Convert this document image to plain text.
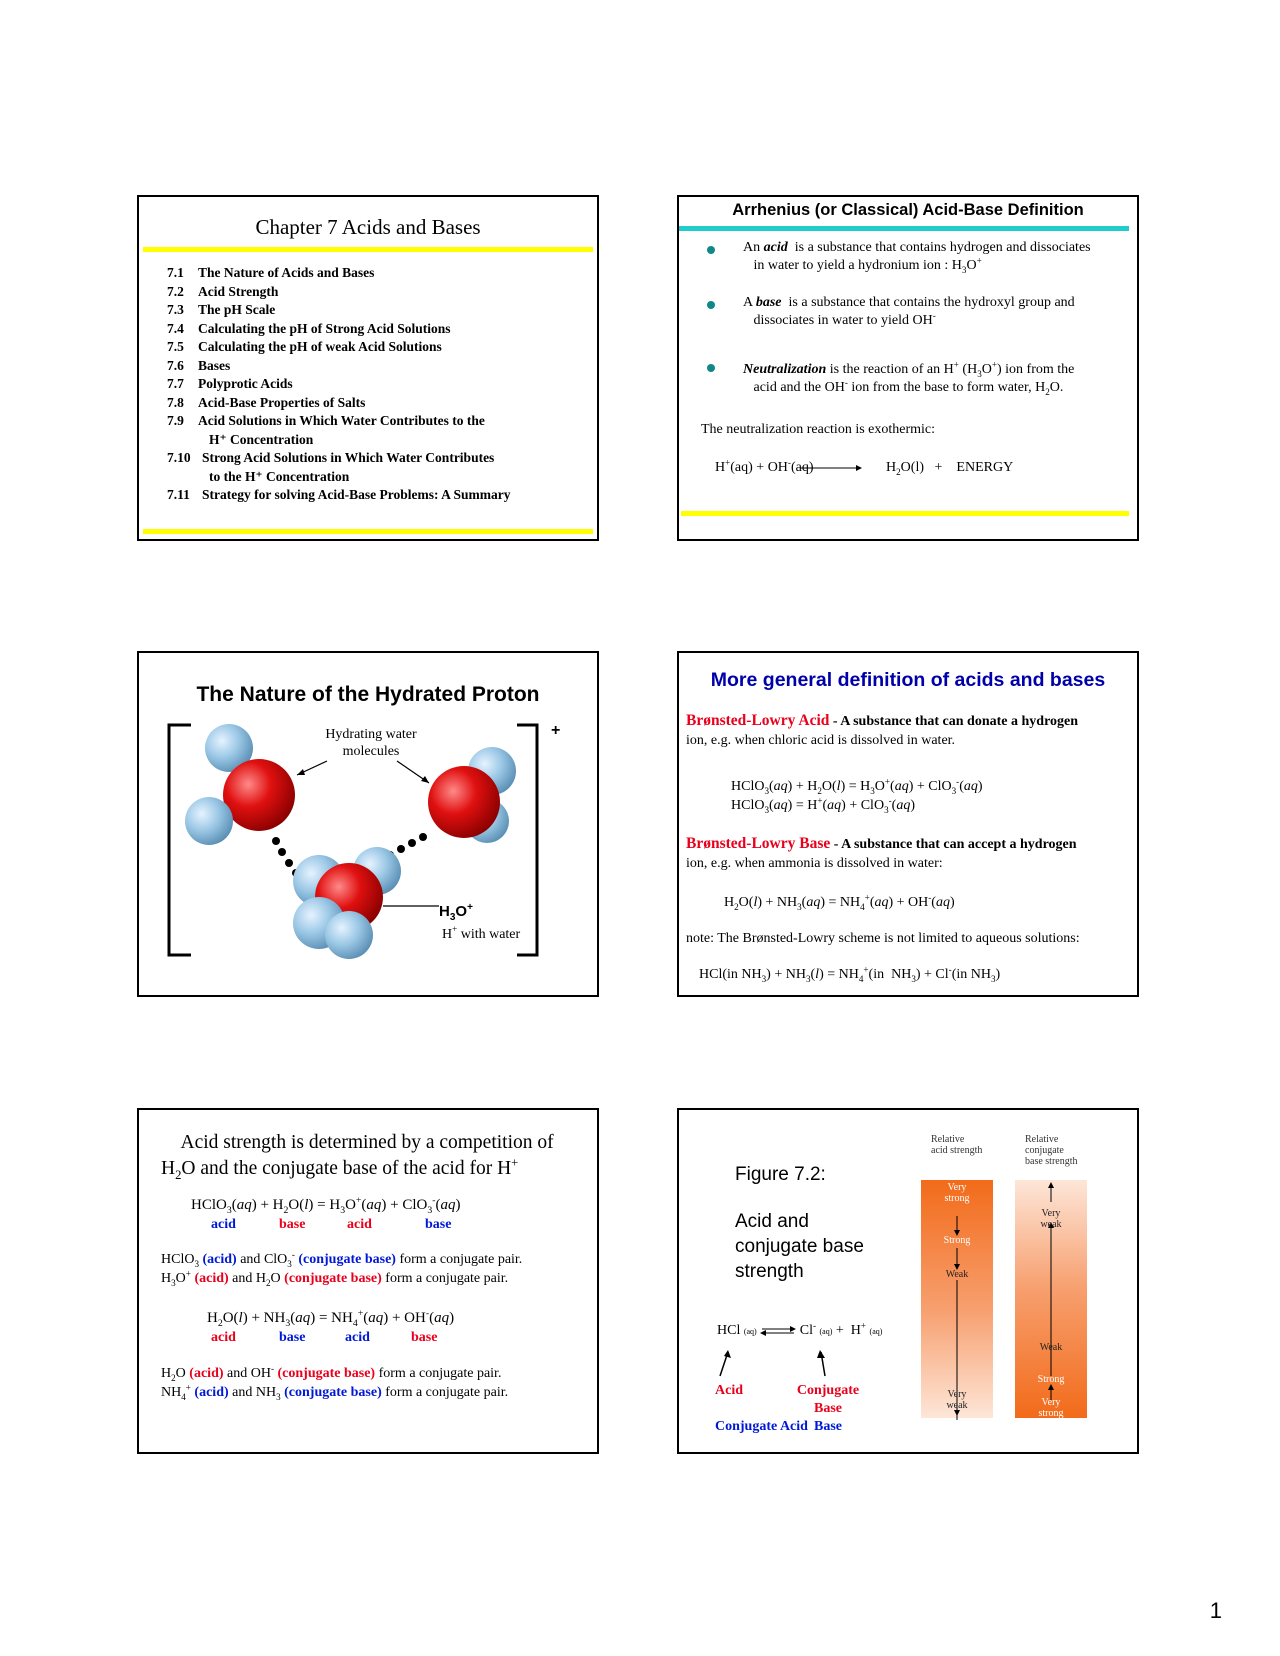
Chapter 7 Acids and Bases
7.1	The Nature of Acids and Bases
7.2	Acid Strength
7.3	The pH Scale
7.4	Calculating the pH of Strong Acid Solutions
7.5	Calculating the pH of weak Acid Solutions
7.6	Bases
7.7	Polyprotic Acids
7.8	Acid-Base Properties of Salts
7.9	Acid Solutions in Which Water Contributes to the
H⁺ Concentration
7.10 Strong Acid Solutions in Which Water Contributes
to the H⁺ Concentration
7.11 Strategy for solving Acid-Base Problems: A Summary
Arrhenius (or Classical) Acid-Base Definition
An acid is a substance that contains hydrogen and dissociates
in water to yield a hydronium ion : $H_3O^+$
A base is a substance that contains the hydroxyl group and
dissociates in water to yield OH-
Neutralization is the reaction of an H+ $(H_3O^+)$ ion from the
acid and the OH- ion from the base to form water, $H_2O$.
The neutralization reaction is exothermic:
H+(aq) + OH-(aq)	$H_2O(l)$   +    ENERGY
The Nature of the Hydrated Proton
+
Hydrating water
molecules
$H_3O^+$
H+ with water
More general definition of acids and bases
Brønsted-Lowry Acid - A substance that can donate a hydrogen
ion, e.g. when chloric acid is dissolved in water.
HClO$_3$(aq) + $H_2O(l) = H_3O^+(aq) + ClO_3^-(aq)$
HClO$_3$(aq) = H+(aq) + ClO$_3$-(aq)
Brønsted-Lowry Base - A substance that can accept a hydrogen
ion, e.g. when ammonia is dissolved in water:
$H_2O(l) + NH_3(aq) = NH_4^+(aq) + OH^-(aq)$
note: The Brønsted-Lowry scheme is not limited to aqueous solutions:
HCl(in $NH_3) + NH_3(l) = NH_4^+(in$  $NH_3) + Cl^-(in$ $NH_3$)
Acid strength is determined by a competition of
$H_2O$ and the conjugate base of the acid for H+
HClO$_3$(aq) + $H_2O(l) = H_3O^+(aq) + ClO_3^-(aq)$
acid	base	acid	base
HClO$_3$ (acid) and ClO$_3$- (conjugate base) form a conjugate pair.
$H_3O^+$ (acid) and $H_2O$ (conjugate base) form a conjugate pair.
$H_2O(l) + NH_3(aq) = NH_4^+(aq) + OH^-(aq)$
acid	base	acid	base
$H_2O$ (acid) and OH- (conjugate base) form a conjugate pair.
$NH_4^+$ (acid) and $NH_3$ (conjugate base) form a conjugate pair.
Figure 7.2:
Acid and
conjugate base
strength
HCl (aq) ⇌ Cl- (aq) +  H+ (aq)
Acid
Conjugate Acid
Conjugate Base
Base
Relative
acid strength
Relative
conjugate
base strength
Very strong
Strong
Weak
Very weak
Very weak
Weak
Strong
Very strong
1
